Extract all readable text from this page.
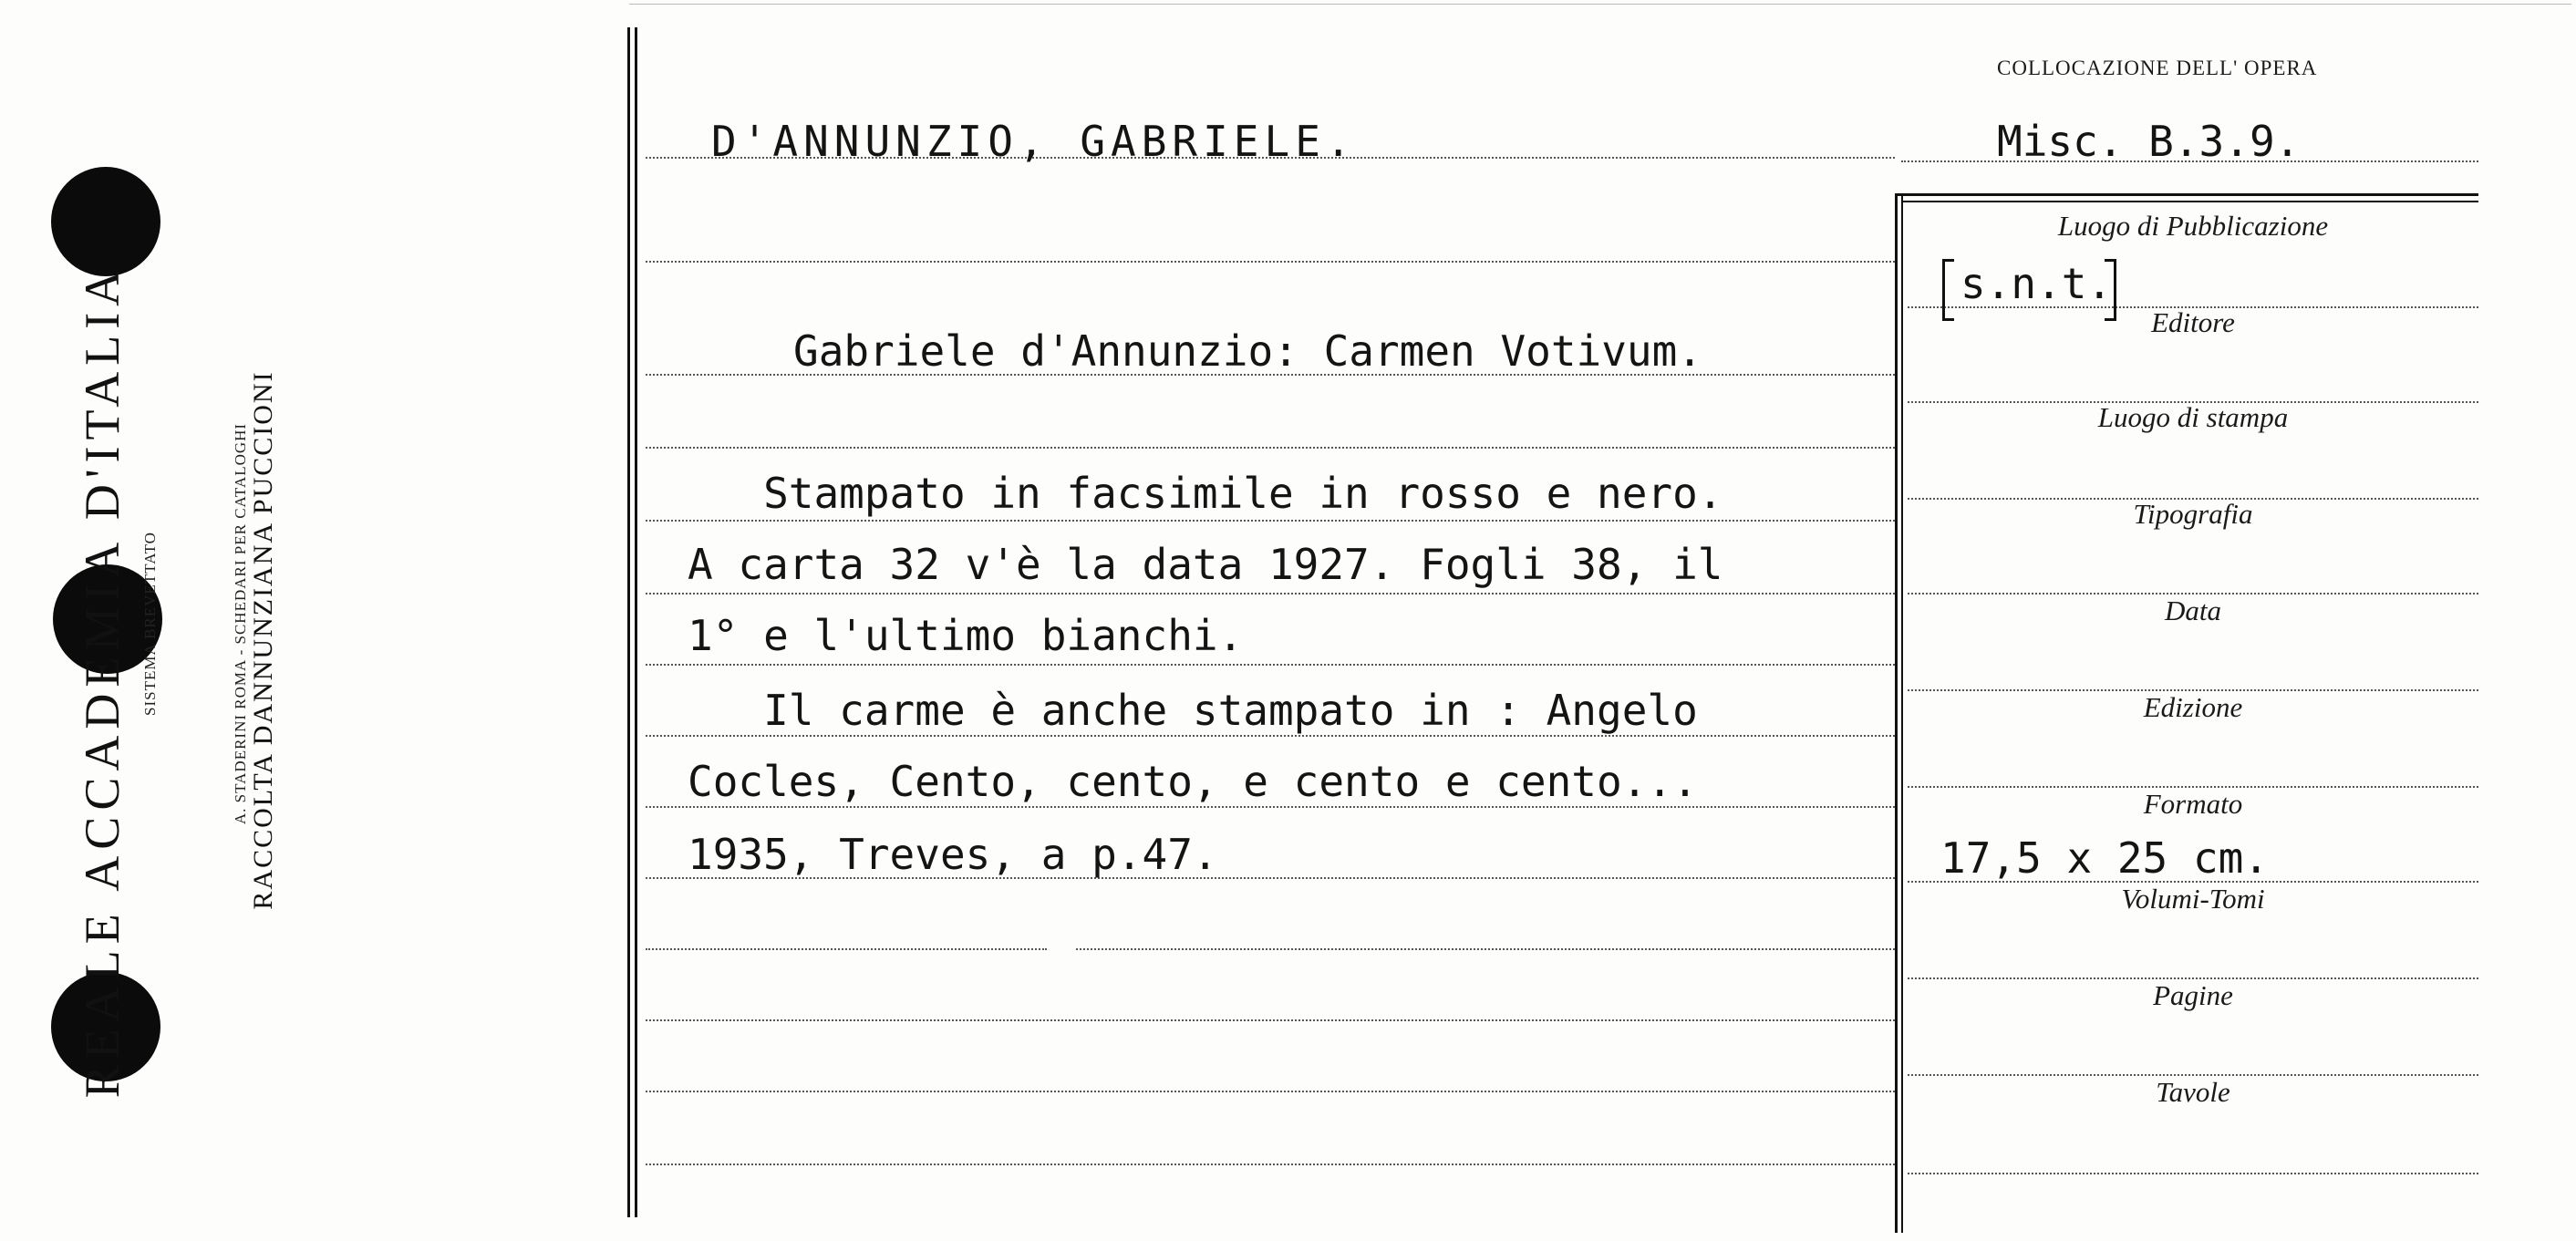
A. STADERINI ROMA - SCHEDARI PER CATALOGHI
SISTEMA BREVETTATO
REALE ACCADEMIA D'ITALIA	RACCOLTA DANNUNZIANA PUCCIONI
COLLOCAZIONE DELL' OPERA
Misc. B.3.9.
D'ANNUNZIO, GABRIELE.
Gabriele d'Annunzio: Carmen Votivum.
Stampato in facsimile in rosso e nero.
A carta 32 v'è la data 1927. Fogli 38, il
1° e l'ultimo bianchi.
Il carme è anche stampato in : Angelo
Cocles, Cento, cento, e cento e cento...
1935, Treves, a p.47.
Luogo di Pubblicazione
s.n.t.
Editore
Luogo di stampa
Tipografia
Data
Edizione
Formato
17,5 x 25 cm.
Volumi-Tomi
Pagine
Tavole
